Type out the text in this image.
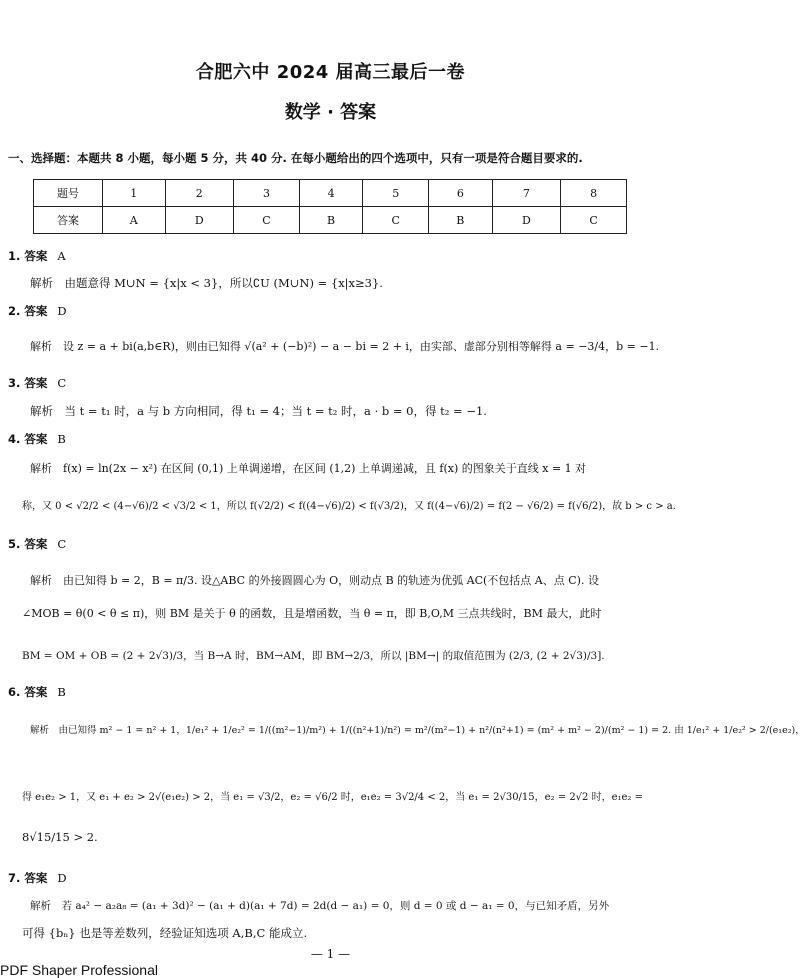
合肥六中 2024 届高三最后一卷
数学 · 答案
一、选择题：本题共 8 小题，每小题 5 分，共 40 分. 在每小题给出的四个选项中，只有一项是符合题目要求的.
题号	1	2	3	4	5	6	7	8
答案	A	D	C	B	C	B	D	C
1. 答案 A
解析　由题意得 M∪N = {x|x < 3}，所以∁U (M∪N) = {x|x≥3}.
2. 答案 D
解析　设 z = a + bi(a,b∈R)，则由已知得 √(a² + (−b)²) − a − bi = 2 + i，由实部、虚部分别相等解得 a = −3/4，b = −1.
3. 答案 C
解析　当 t = t₁ 时，a 与 b 方向相同，得 t₁ = 4；当 t = t₂ 时，a · b = 0，得 t₂ = −1.
4. 答案 B
解析　f(x) = ln(2x − x²) 在区间 (0,1) 上单调递增，在区间 (1,2) 上单调递减，且 f(x) 的图象关于直线 x = 1 对
称，又 0 < √2/2 < (4−√6)/2 < √3/2 < 1，所以 f(√2/2) < f((4−√6)/2) < f(√3/2)，又 f((4−√6)/2) = f(2 − √6/2) = f(√6/2)，故 b > c > a.
5. 答案 C
解析　由已知得 b = 2，B = π/3. 设△ABC 的外接圆圆心为 O，则动点 B 的轨迹为优弧 AC(不包括点 A、点 C). 设
∠MOB = θ(0 < θ ≤ π)，则 BM 是关于 θ 的函数，且是增函数，当 θ = π，即 B,O,M 三点共线时，BM 最大，此时
BM = OM + OB = (2 + 2√3)/3，当 B→A 时，BM→AM，即 BM→2/3，所以 |BM→| 的取值范围为 (2/3, (2 + 2√3)/3].
6. 答案 B
解析　由已知得 m² − 1 = n² + 1，1/e₁² + 1/e₂² = 1/((m²−1)/m²) + 1/((n²+1)/n²) = m²/(m²−1) + n²/(n²+1) = (m² + m² − 2)/(m² − 1) = 2. 由 1/e₁² + 1/e₂² > 2/(e₁e₂)，
得 e₁e₂ > 1，又 e₁ + e₂ > 2√(e₁e₂) > 2，当 e₁ = √3/2，e₂ = √6/2 时，e₁e₂ = 3√2/4 < 2，当 e₁ = 2√30/15，e₂ = 2√2 时，e₁e₂ =
8√15/15 > 2.
7. 答案 D
解析　若 a₄² − a₂a₈ = (a₁ + 3d)² − (a₁ + d)(a₁ + 7d) = 2d(d − a₁) = 0，则 d = 0 或 d − a₁ = 0，与已知矛盾，另外
可得 {bₙ} 也是等差数列，经验证知选项 A,B,C 能成立.
— 1 —
PDF Shaper Professional
